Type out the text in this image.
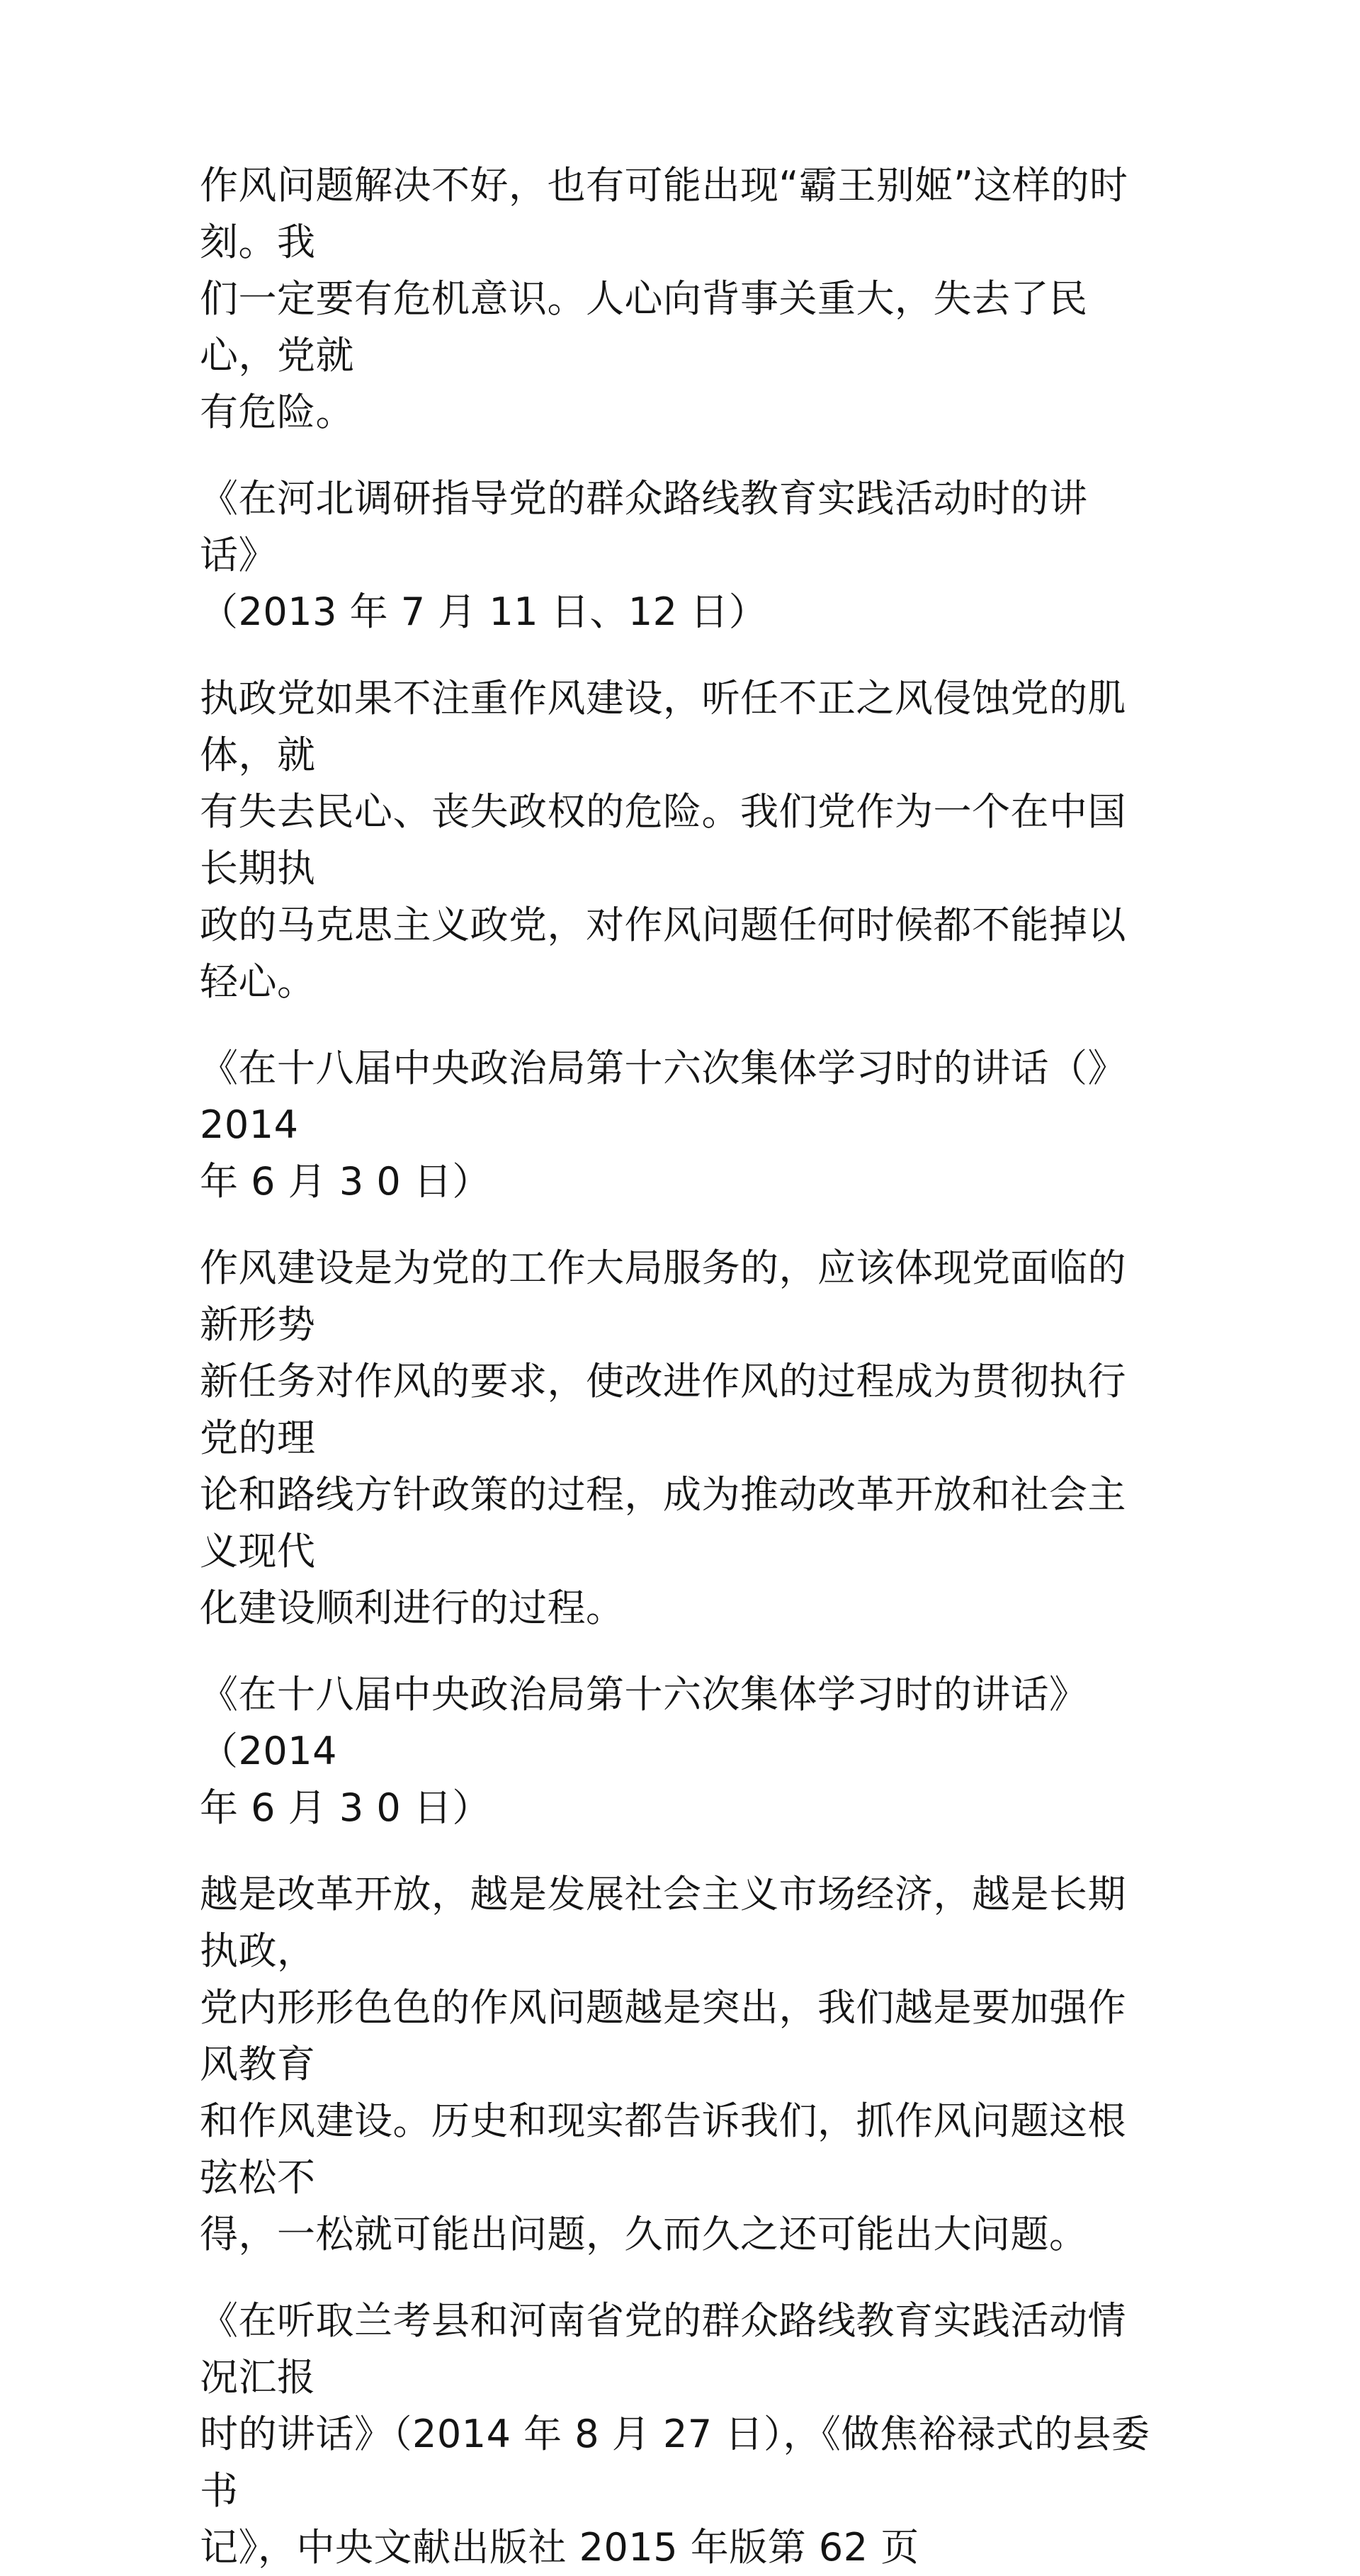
作风问题解决不好，也有可能出现“霸王别姬”这样的时刻。我
们一定要有危机意识。人心向背事关重大，失去了民心，党就
有危险。

《在河北调研指导党的群众路线教育实践活动时的讲话》
（2013 年 7 月 11 日、12 日）

执政党如果不注重作风建设，听任不正之风侵蚀党的肌体，就
有失去民心、丧失政权的危险。我们党作为一个在中国长期执
政的马克思主义政党，对作风问题任何时候都不能掉以轻心。

《在十八届中央政治局第十六次集体学习时的讲话（》2014
年 6 月 3 0 日）

作风建设是为党的工作大局服务的，应该体现党面临的新形势
新任务对作风的要求，使改进作风的过程成为贯彻执行党的理
论和路线方针政策的过程，成为推动改革开放和社会主义现代
化建设顺利进行的过程。

《在十八届中央政治局第十六次集体学习时的讲话》（2014
年 6 月 3 0 日）

越是改革开放，越是发展社会主义市场经济，越是长期执政，
党内形形色色的作风问题越是突出，我们越是要加强作风教育
和作风建设。历史和现实都告诉我们，抓作风问题这根弦松不
得，一松就可能出问题，久而久之还可能出大问题。

《在听取兰考县和河南省党的群众路线教育实践活动情况汇报
时的讲话》（2014 年 8 月 27 日），《做焦裕禄式的县委书
记》，中央文献出版社 2015 年版第 62 页
